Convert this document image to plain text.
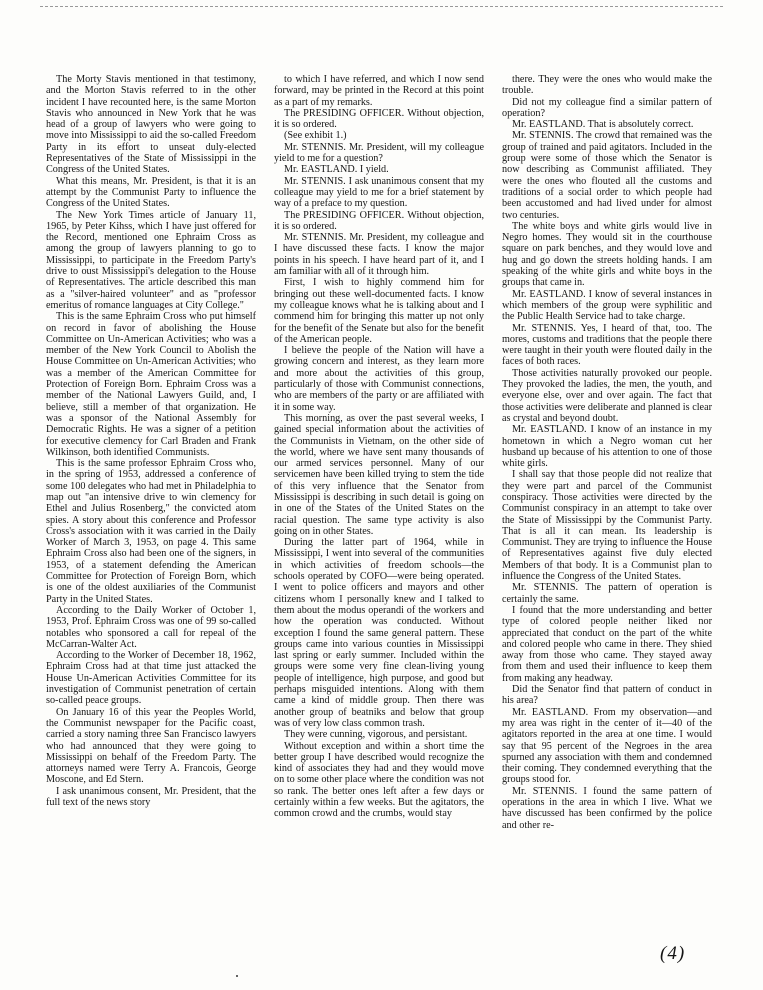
The Morty Stavis mentioned in that testimony, and the Morton Stavis referred to in the other incident I have recounted here, is the same Morton Stavis who announced in New York that he was head of a group of lawyers who were going to move into Mississippi to aid the so-called Freedom Party in its effort to unseat duly-elected Representatives of the State of Mississippi in the Congress of the United States.

What this means, Mr. President, is that it is an attempt by the Communist Party to influence the Congress of the United States.

The New York Times article of January 11, 1965, by Peter Kihss, which I have just offered for the Record, mentioned one Ephraim Cross as among the group of lawyers planning to go to Mississippi, to participate in the Freedom Party's drive to oust Mississippi's delegation to the House of Representatives. The article described this man as a "silver-haired volunteer" and as "professor emeritus of romance languages at City College."

This is the same Ephraim Cross who put himself on record in favor of abolishing the House Committee on Un-American Activities; who was a member of the New York Council to Abolish the House Committee on Un-American Activities; who was a member of the American Committee for Protection of Foreign Born. Ephraim Cross was a member of the National Lawyers Guild, and, I believe, still a member of that organization. He was a sponsor of the National Assembly for Democratic Rights. He was a signer of a petition for executive clemency for Carl Braden and Frank Wilkinson, both identified Communists.

This is the same professor Ephraim Cross who, in the spring of 1953, addressed a conference of some 100 delegates who had met in Philadelphia to map out "an intensive drive to win clemency for Ethel and Julius Rosenberg," the convicted atom spies. A story about this conference and Professor Cross's association with it was carried in the Daily Worker of March 3, 1953, on page 4. This same Ephraim Cross also had been one of the signers, in 1953, of a statement defending the American Committee for Protection of Foreign Born, which is one of the oldest auxiliaries of the Communist Party in the United States.

According to the Daily Worker of October 1, 1953, Prof. Ephraim Cross was one of 99 so-called notables who sponsored a call for repeal of the McCarran-Walter Act.

According to the Worker of December 18, 1962, Ephraim Cross had at that time just attacked the House Un-American Activities Committee for its investigation of Communist penetration of certain so-called peace groups.

On January 16 of this year the Peoples World, the Communist newspaper for the Pacific coast, carried a story naming three San Francisco lawyers who had announced that they were going to Mississippi on behalf of the Freedom Party. The attorneys named were Terry A. Francois, George Moscone, and Ed Stern.

I ask unanimous consent, Mr. President, that the full text of the news story

to which I have referred, and which I now send forward, may be printed in the Record at this point as a part of my remarks.

The PRESIDING OFFICER. Without objection, it is so ordered.

(See exhibit 1.)

Mr. STENNIS. Mr. President, will my colleague yield to me for a question?

Mr. EASTLAND. I yield.

Mr. STENNIS. I ask unanimous consent that my colleague may yield to me for a brief statement by way of a preface to my question.

The PRESIDING OFFICER. Without objection, it is so ordered.

Mr. STENNIS. Mr. President, my colleague and I have discussed these facts. I know the major points in his speech. I have heard part of it, and I am familiar with all of it through him.

First, I wish to highly commend him for bringing out these well-documented facts. I know my colleague knows what he is talking about and I commend him for bringing this matter up not only for the benefit of the Senate but also for the benefit of the American people.

I believe the people of the Nation will have a growing concern and interest, as they learn more and more about the activities of this group, particularly of those with Communist connections, who are members of the party or are affiliated with it in some way.

This morning, as over the past several weeks, I gained special information about the activities of the Communists in Vietnam, on the other side of the world, where we have sent many thousands of our armed services personnel. Many of our servicemen have been killed trying to stem the tide of this very influence that the Senator from Mississippi is describing in such detail is going on in one of the States of the United States on the racial question. The same type activity is also going on in other States.

During the latter part of 1964, while in Mississippi, I went into several of the communities in which activities of freedom schools—the schools operated by COFO—were being operated. I went to police officers and mayors and other citizens whom I personally knew and I talked to them about the modus operandi of the workers and how the operation was conducted. Without exception I found the same general pattern. These groups came into various counties in Mississippi last spring or early summer. Included within the groups were some very fine clean-living young people of intelligence, high purpose, and good but perhaps misguided intentions. Along with them came a kind of middle group. Then there was another group of beatniks and below that group was of very low class common trash.

They were cunning, vigorous, and persistant.

Without exception and within a short time the better group I have described would recognize the kind of associates they had and they would move on to some other place where the condition was not so rank. The better ones left after a few days or certainly within a few weeks. But the agitators, the common crowd and the crumbs, would stay

there. They were the ones who would make the trouble.

Did not my colleague find a similar pattern of operation?

Mr. EASTLAND. That is absolutely correct.

Mr. STENNIS. The crowd that remained was the group of trained and paid agitators. Included in the group were some of those which the Senator is now describing as Communist affiliated. They were the ones who flouted all the customs and traditions of a social order to which people had been accustomed and had lived under for almost two centuries.

The white boys and white girls would live in Negro homes. They would sit in the courthouse square on park benches, and they would love and hug and go down the streets holding hands. I am speaking of the white girls and white boys in the groups that came in.

Mr. EASTLAND. I know of several instances in which members of the group were syphilitic and the Public Health Service had to take charge.

Mr. STENNIS. Yes, I heard of that, too. The mores, customs and traditions that the people there were taught in their youth were flouted daily in the faces of both races.

Those activities naturally provoked our people. They provoked the ladies, the men, the youth, and everyone else, over and over again. The fact that those activities were deliberate and planned is clear as crystal and beyond doubt.

Mr. EASTLAND. I know of an instance in my hometown in which a Negro woman cut her husband up because of his attention to one of those white girls.

I shall say that those people did not realize that they were part and parcel of the Communist conspiracy. Those activities were directed by the Communist conspiracy in an attempt to take over the State of Mississippi by the Communist Party. That is all it can mean. Its leadership is Communist. They are trying to influence the House of Representatives against five duly elected Members of that body. It is a Communist plan to influence the Congress of the United States.

Mr. STENNIS. The pattern of operation is certainly the same.

I found that the more understanding and better type of colored people neither liked nor appreciated that conduct on the part of the white and colored people who came in there. They shied away from those who came. They stayed away from them and used their influence to keep them from making any headway.

Did the Senator find that pattern of conduct in his area?

Mr. EASTLAND. From my observation—and my area was right in the center of it—40 of the agitators reported in the area at one time. I would say that 95 percent of the Negroes in the area spurned any association with them and condemned their coming. They condemned everything that the groups stood for.

Mr. STENNIS. I found the same pattern of operations in the area in which I live. What we have discussed has been confirmed by the police and other re-

(4)
